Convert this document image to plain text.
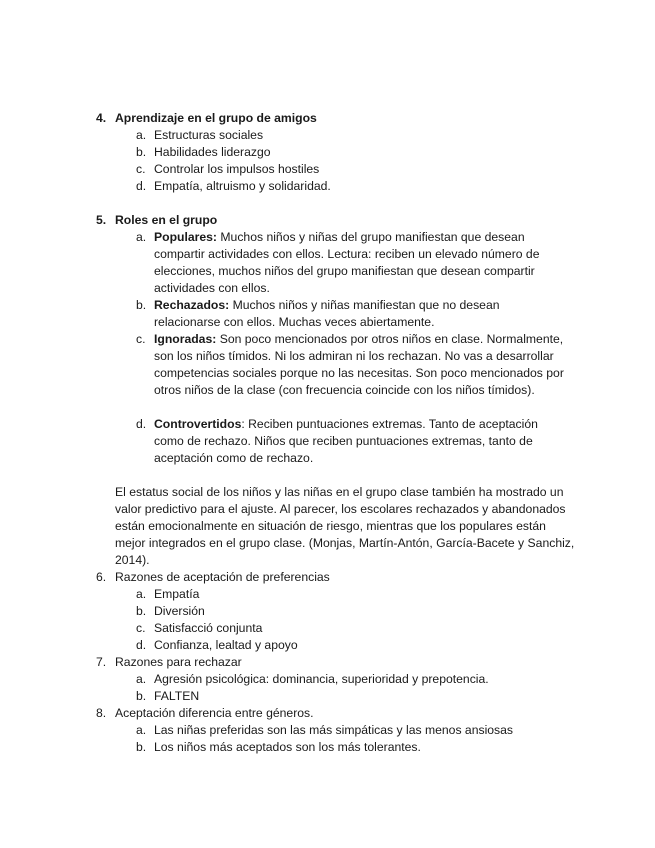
4. Aprendizaje en el grupo de amigos
a. Estructuras sociales
b. Habilidades liderazgo
c. Controlar los impulsos hostiles
d. Empatía, altruismo y solidaridad.
5. Roles en el grupo
a. Populares: Muchos niños y niñas del grupo manifiestan que desean compartir actividades con ellos. Lectura: reciben un elevado número de elecciones, muchos niños del grupo manifiestan que desean compartir actividades con ellos.
b. Rechazados: Muchos niños y niñas manifiestan que no desean relacionarse con ellos. Muchas veces abiertamente.
c. Ignoradas: Son poco mencionados por otros niños en clase. Normalmente, son los niños tímidos. Ni los admiran ni los rechazan. No vas a desarrollar competencias sociales porque no las necesitas. Son poco mencionados por otros niños de la clase (con frecuencia coincide con los niños tímidos).
d. Controvertidos: Reciben puntuaciones extremas. Tanto de aceptación como de rechazo. Niños que reciben puntuaciones extremas, tanto de aceptación como de rechazo.
El estatus social de los niños y las niñas en el grupo clase también ha mostrado un valor predictivo para el ajuste. Al parecer, los escolares rechazados y abandonados están emocionalmente en situación de riesgo, mientras que los populares están mejor integrados en el grupo clase. (Monjas, Martín-Antón, García-Bacete y Sanchiz, 2014).
6. Razones de aceptación de preferencias
a. Empatía
b. Diversión
c. Satisfacció conjunta
d. Confianza, lealtad y apoyo
7. Razones para rechazar
a. Agresión psicológica: dominancia, superioridad y prepotencia.
b. FALTEN
8. Aceptación diferencia entre géneros.
a. Las niñas preferidas son las más simpáticas y las menos ansiosas
b. Los niños más aceptados son los más tolerantes.
